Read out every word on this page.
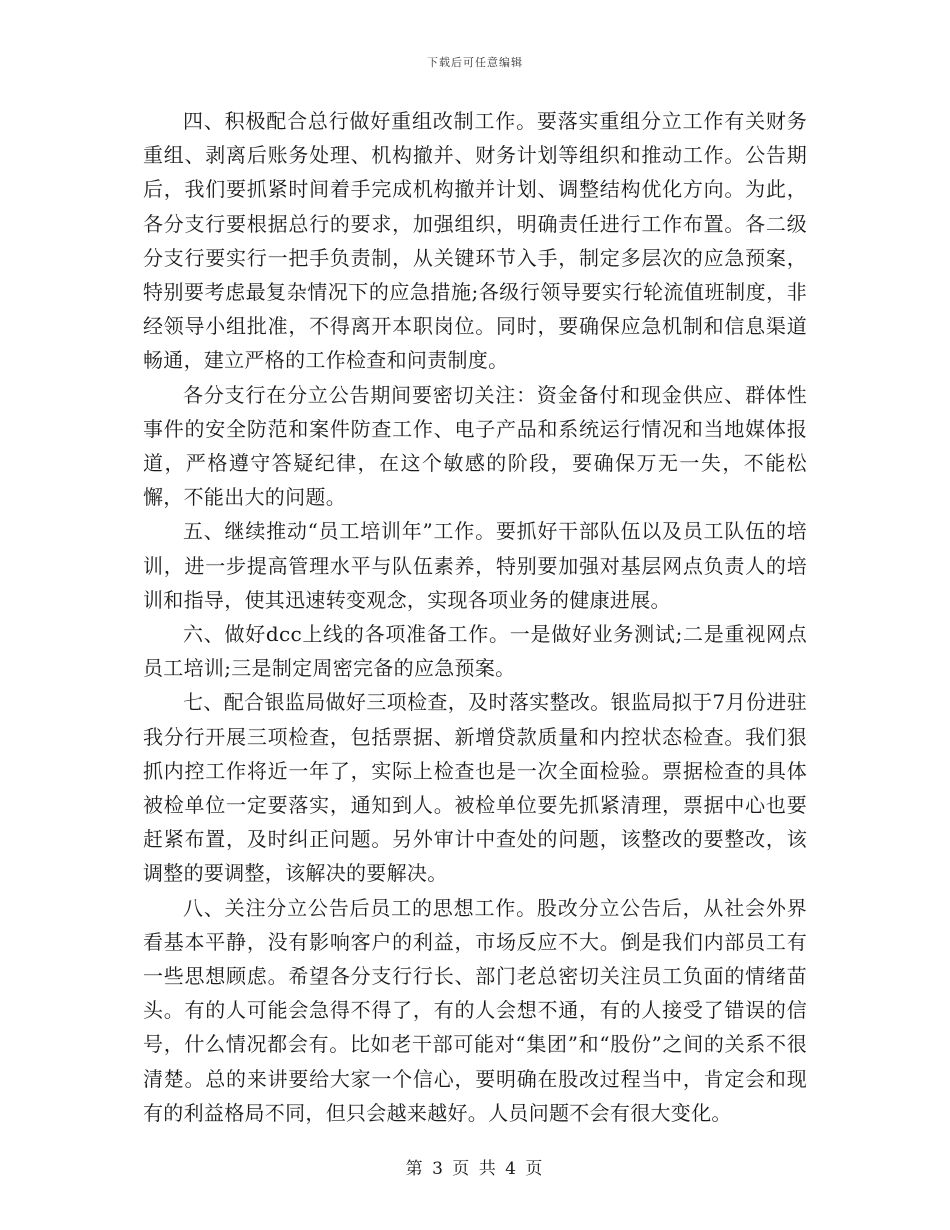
下载后可任意编辑

四、积极配合总行做好重组改制工作。要落实重组分立工作有关财务重组、剥离后账务处理、机构撤并、财务计划等组织和推动工作。公告期后，我们要抓紧时间着手完成机构撤并计划、调整结构优化方向。为此，各分支行要根据总行的要求，加强组织，明确责任进行工作布置。各二级分支行要实行一把手负责制，从关键环节入手，制定多层次的应急预案，特别要考虑最复杂情况下的应急措施;各级行领导要实行轮流值班制度，非经领导小组批准，不得离开本职岗位。同时，要确保应急机制和信息渠道畅通，建立严格的工作检查和问责制度。

各分支行在分立公告期间要密切关注：资金备付和现金供应、群体性事件的安全防范和案件防查工作、电子产品和系统运行情况和当地媒体报道，严格遵守答疑纪律，在这个敏感的阶段，要确保万无一失，不能松懈，不能出大的问题。

五、继续推动“员工培训年”工作。要抓好干部队伍以及员工队伍的培训，进一步提高管理水平与队伍素养，特别要加强对基层网点负责人的培训和指导，使其迅速转变观念，实现各项业务的健康进展。

六、做好dcc上线的各项准备工作。一是做好业务测试;二是重视网点员工培训;三是制定周密完备的应急预案。

七、配合银监局做好三项检查，及时落实整改。银监局拟于7月份进驻我分行开展三项检查，包括票据、新增贷款质量和内控状态检查。我们狠抓内控工作将近一年了，实际上检查也是一次全面检验。票据检查的具体被检单位一定要落实，通知到人。被检单位要先抓紧清理，票据中心也要赶紧布置，及时纠正问题。另外审计中查处的问题，该整改的要整改，该调整的要调整，该解决的要解决。

八、关注分立公告后员工的思想工作。股改分立公告后，从社会外界看基本平静，没有影响客户的利益，市场反应不大。倒是我们内部员工有一些思想顾虑。希望各分支行行长、部门老总密切关注员工负面的情绪苗头。有的人可能会急得不得了，有的人会想不通，有的人接受了错误的信号，什么情况都会有。比如老干部可能对“集团”和“股份”之间的关系不很清楚。总的来讲要给大家一个信心，要明确在股改过程当中，肯定会和现有的利益格局不同，但只会越来越好。人员问题不会有很大变化。

第 3 页 共 4 页
